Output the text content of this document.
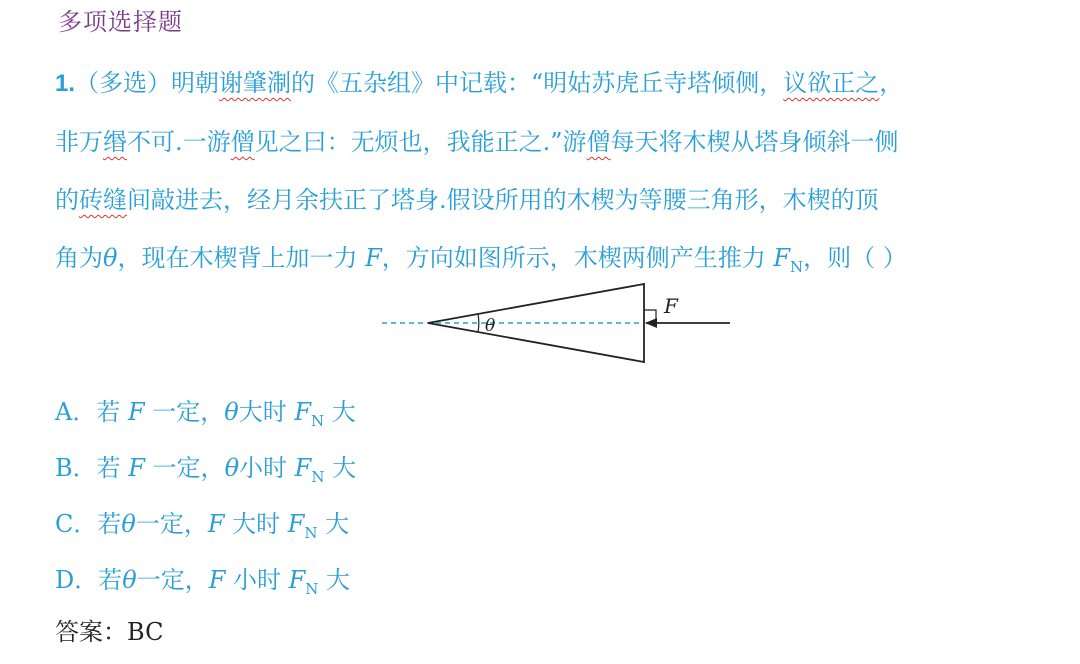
多项选择题
1.（多选）明朝谢肇淛的《五杂组》中记载：“明姑苏虎丘寺塔倾侧，议欲正之，
非万缗不可.一游僧见之曰：无烦也，我能正之.”游僧每天将木楔从塔身倾斜一侧
的砖缝间敲进去，经月余扶正了塔身.假设所用的木楔为等腰三角形，木楔的顶
角为θ，现在木楔背上加一力 F，方向如图所示，木楔两侧产生推力 $F_N$，则（ ）
θ
F
A．若 F 一定，θ大时 $F_N$ 大
B．若 F 一定，θ小时 $F_N$ 大
C．若θ一定，F 大时 $F_N$ 大
D．若θ一定，F 小时 $F_N$ 大
答案：BC
